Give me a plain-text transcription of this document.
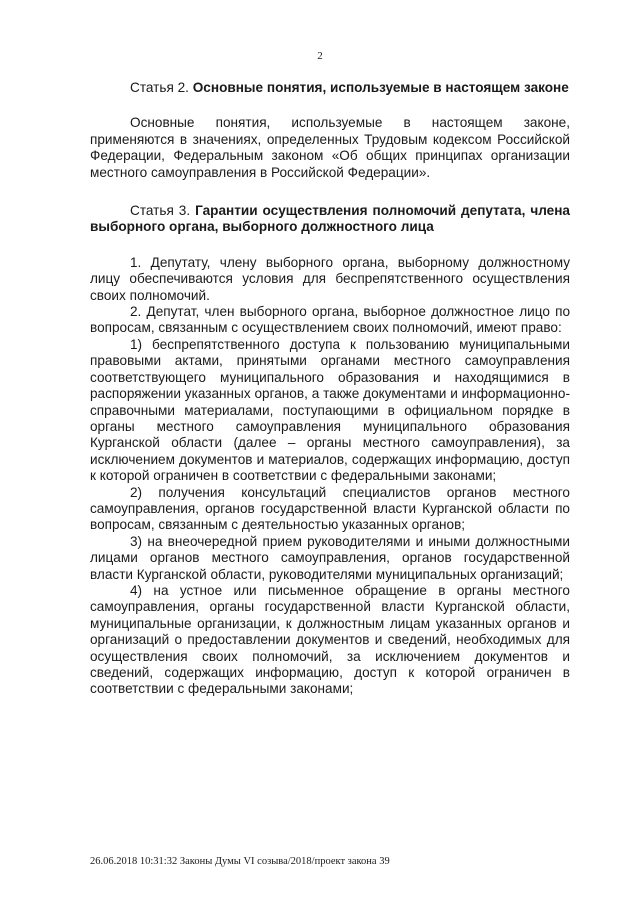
2

Статья 2. Основные понятия, используемые в настоящем законе

Основные понятия, используемые в настоящем законе, применяются в значениях, определенных Трудовым кодексом Российской Федерации, Федеральным законом «Об общих принципах организации местного самоуправления в Российской Федерации».

Статья 3. Гарантии осуществления полномочий депутата, члена выборного органа, выборного должностного лица

1. Депутату, члену выборного органа, выборному должностному лицу обеспечиваются условия для беспрепятственного осуществления своих полномочий.

2. Депутат, член выборного органа, выборное должностное лицо по вопросам, связанным с осуществлением своих полномочий, имеют право:

1) беспрепятственного доступа к пользованию муниципальными правовыми актами, принятыми органами местного самоуправления соответствующего муниципального образования и находящимися в распоряжении указанных органов, а также документами и информационно-справочными материалами, поступающими в официальном порядке в органы местного самоуправления муниципального образования Курганской области (далее – органы местного самоуправления), за исключением документов и материалов, содержащих информацию, доступ к которой ограничен в соответствии с федеральными законами;

2) получения консультаций специалистов органов местного самоуправления, органов государственной власти Курганской области по вопросам, связанным с деятельностью указанных органов;

3) на внеочередной прием руководителями и иными должностными лицами органов местного самоуправления, органов государственной власти Курганской области, руководителями муниципальных организаций;

4) на устное или письменное обращение в органы местного самоуправления, органы государственной власти Курганской области, муниципальные организации, к должностным лицам указанных органов и организаций о предоставлении документов и сведений, необходимых для осуществления своих полномочий, за исключением документов и сведений, содержащих информацию, доступ к которой ограничен в соответствии с федеральными законами;

26.06.2018 10:31:32 Законы Думы VI созыва/2018/проект закона 39
